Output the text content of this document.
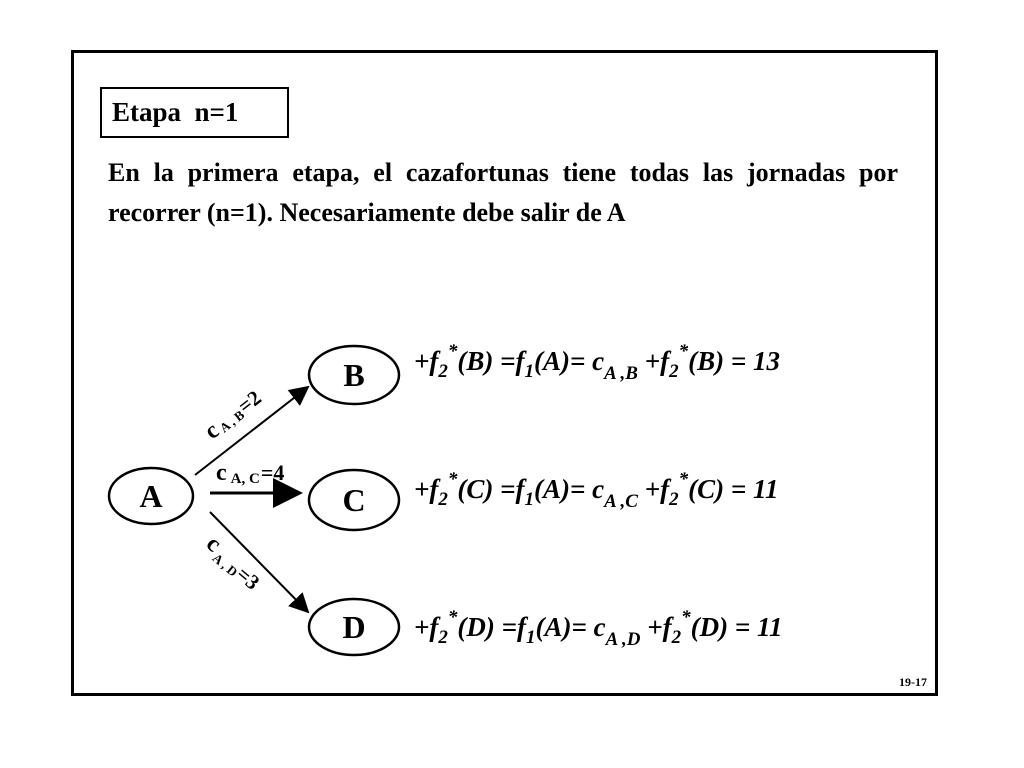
Etapa  n=1

En la primera etapa, el cazafortunas tiene todas las jornadas por recorrer (n=1). Necesariamente debe salir de A

19-17
A
B
C
D
cA , B=2
c A, C=4
$c_{A , D}=3$
$+f_2^*(B) =f_1(A)= c_{A ,B} +f_2^*(B) = 13$
$+f_2^*(C) =f_1(A)= c_{A ,C} +f_2^*(C) = 11$
$+f_2^*(D) =f_1(A)= c_{A ,D} +f_2^*(D) = 11$
